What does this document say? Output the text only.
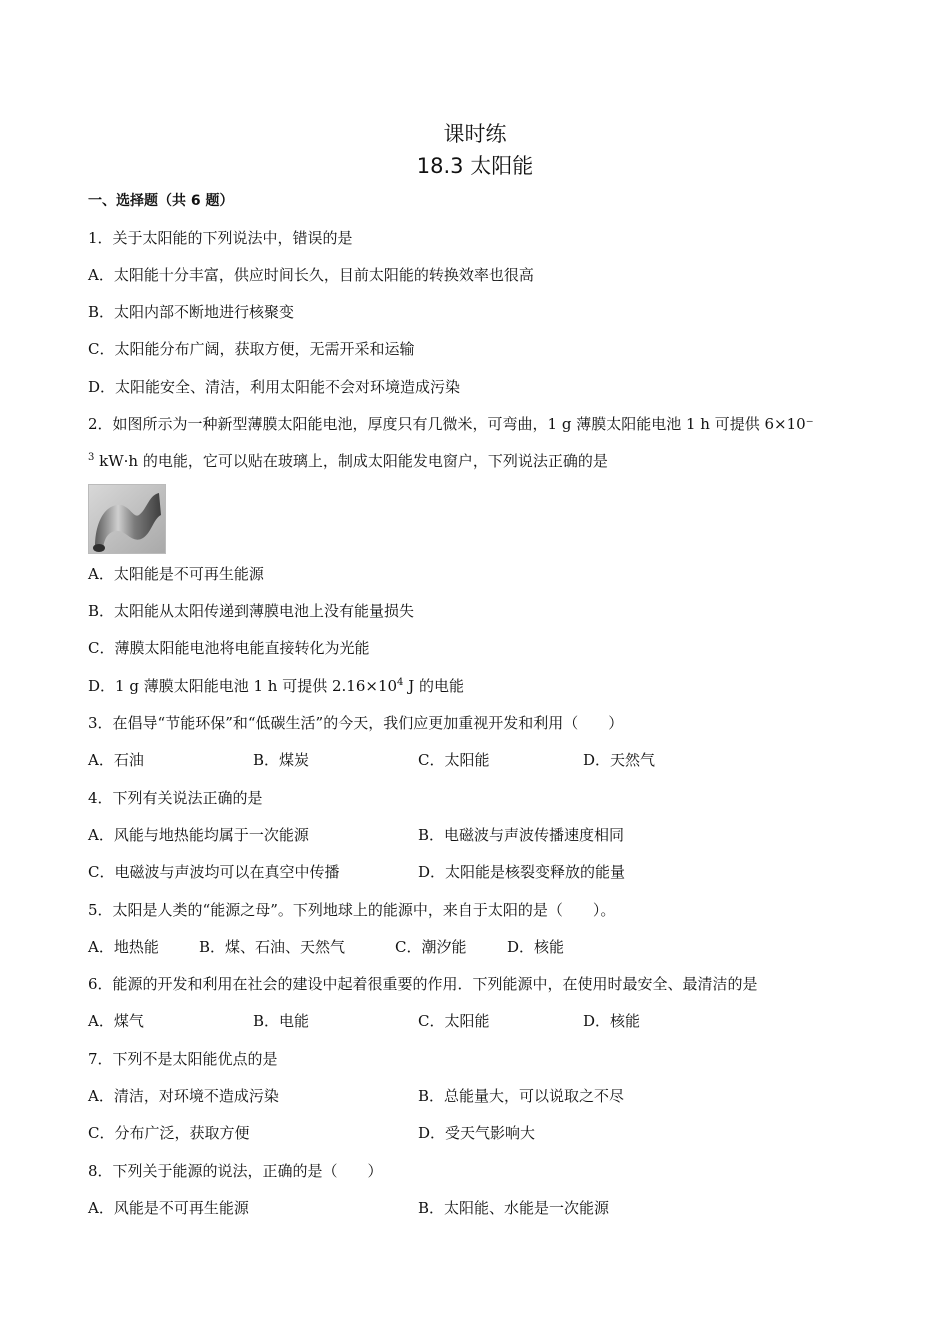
课时练
18.3 太阳能
一、选择题（共 6 题）
1．关于太阳能的下列说法中，错误的是
A．太阳能十分丰富，供应时间长久，目前太阳能的转换效率也很高
B．太阳内部不断地进行核聚变
C．太阳能分布广阔，获取方便，无需开采和运输
D．太阳能安全、清洁，利用太阳能不会对环境造成污染
2．如图所示为一种新型薄膜太阳能电池，厚度只有几微米，可弯曲，1 g 薄膜太阳能电池 1 h 可提供 6×10⁻
$^3$ kW·h 的电能，它可以贴在玻璃上，制成太阳能发电窗户，下列说法正确的是
A．太阳能是不可再生能源
B．太阳能从太阳传递到薄膜电池上没有能量损失
C．薄膜太阳能电池将电能直接转化为光能
D．1 g 薄膜太阳能电池 1 h 可提供 $2.16\times 10^4$ J 的电能
3．在倡导“节能环保”和“低碳生活”的今天，我们应更加重视开发和利用（　　）
A．石油	B．煤炭	C．太阳能	D．天然气
4．下列有关说法正确的是
A．风能与地热能均属于一次能源	B．电磁波与声波传播速度相同
C．电磁波与声波均可以在真空中传播	D．太阳能是核裂变释放的能量
5．太阳是人类的“能源之母”。下列地球上的能源中，来自于太阳的是（　　）。
A．地热能	B．煤、石油、天然气	C．潮汐能	D．核能
6．能源的开发和利用在社会的建设中起着很重要的作用．下列能源中，在使用时最安全、最清洁的是
A．煤气	B．电能	C．太阳能	D．核能
7．下列不是太阳能优点的是
A．清洁，对环境不造成污染	B．总能量大，可以说取之不尽
C．分布广泛，获取方便	D．受天气影响大
8．下列关于能源的说法，正确的是（　　）
A．风能是不可再生能源	B．太阳能、水能是一次能源
